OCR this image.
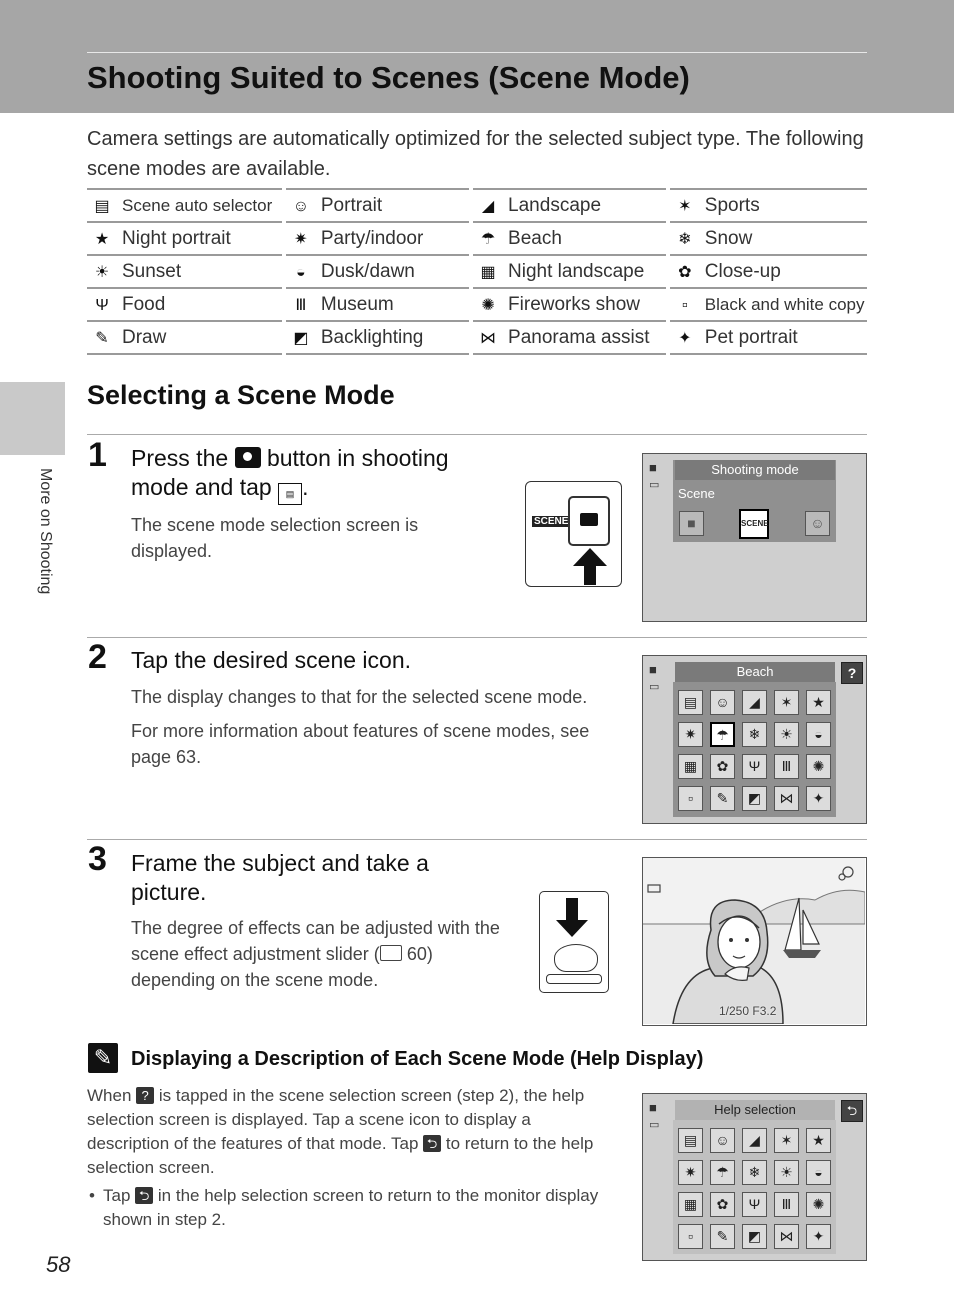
Shooting Suited to Scenes (Scene Mode)
Camera settings are automatically optimized for the selected subject type. The following scene modes are available.
▤ Scene auto selector	☺ Portrait	◢ Landscape	✶ Sports
★ Night portrait	✷ Party/indoor	☂ Beach	❄ Snow
☀ Sunset	◒ Dusk/dawn	▦ Night landscape	✿ Close-up
Ψ Food	Ⅲ Museum	✺ Fireworks show	▫ Black and white copy
✎ Draw	◩ Backlighting	⋈ Panorama assist	✦ Pet portrait
More on Shooting
Selecting a Scene Mode
1 Press the button in shooting mode and tap ▤ .
The scene mode selection screen is displayed.
SCENE
■
▭
Shooting mode
Scene
■	SCENE	☺
2 Tap the desired scene icon.
The display changes to that for the selected scene mode.
For more information about features of scene modes, see page 63.
■
▭
Beach	?
▤	☺	◢	✶	★
✷	☂	❄	☀	◒
▦	✿	Ψ	Ⅲ	✺
▫	✎	◩	⋈	✦
3 Frame the subject and take a picture.
The degree of effects can be adjusted with the scene effect adjustment slider ( 60) depending on the scene mode.
1/250 F3.2
✎ Displaying a Description of Each Scene Mode (Help Display)
When ? is tapped in the scene selection screen (step 2), the help selection screen is displayed. Tap a scene icon to display a description of the features of that mode. Tap ⮌ to return to the help selection screen.
• Tap ⮌ in the help selection screen to return to the monitor display shown in step 2.
■
▭
Help selection	⮌
▤	☺	◢	✶	★
✷	☂	❄	☀	◒
▦	✿	Ψ	Ⅲ	✺
▫	✎	◩	⋈	✦
58
